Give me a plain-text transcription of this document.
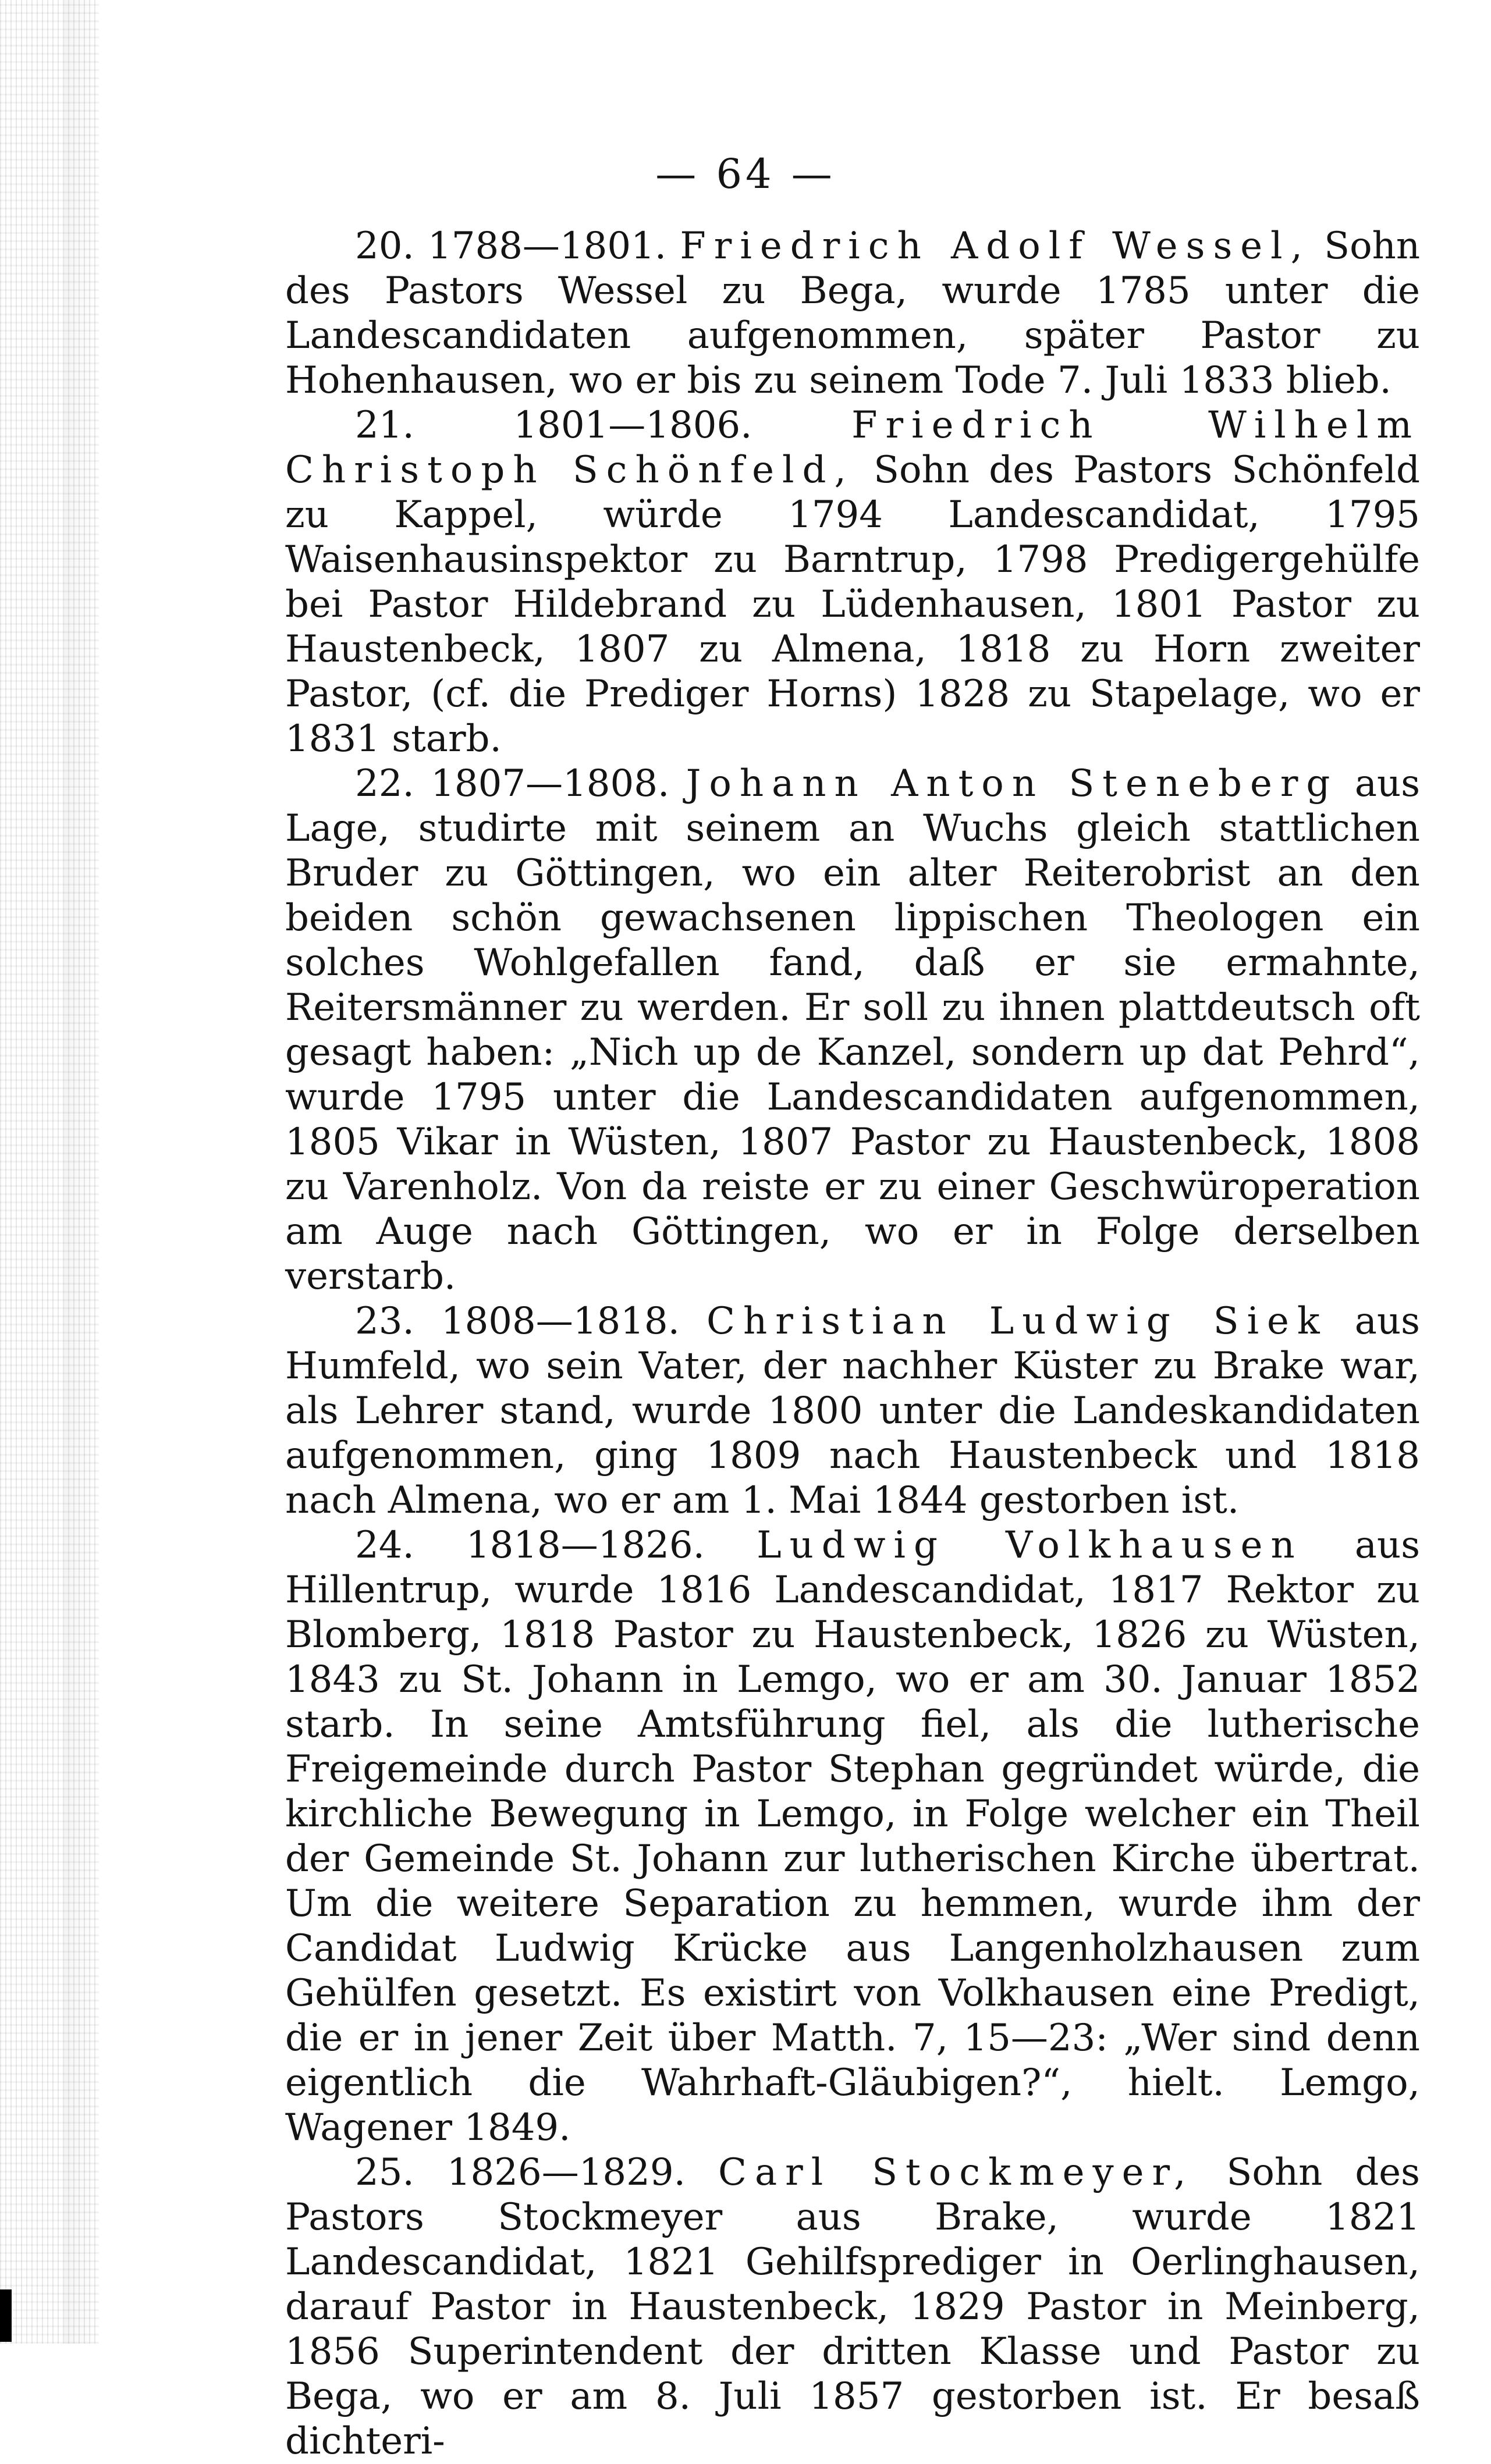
— 64 —

20. 1788—1801. Friedrich Adolf Wessel, Sohn des Pastors Wessel zu Bega, wurde 1785 unter die Landescandidaten aufgenommen, später Pastor zu Hohenhausen, wo er bis zu seinem Tode 7. Juli 1833 blieb.

21.	1801—1806.	Friedrich Wilhelm Christoph Schönfeld, Sohn des Pastors Schönfeld zu Kappel, würde 1794 Landescandidat, 1795 Waisenhausinspektor zu Barntrup, 1798 Predigergehülfe bei Pastor Hildebrand zu Lüdenhausen, 1801 Pastor zu Haustenbeck, 1807 zu Almena, 1818 zu Horn zweiter Pastor, (cf. die Prediger Horns) 1828 zu Stapelage, wo er 1831 starb.

22. 1807—1808. Johann Anton Steneberg aus Lage, studirte mit seinem an Wuchs gleich stattlichen Bruder zu Göttingen, wo ein alter Reiterobrist an den beiden schön gewachsenen lippischen Theologen ein solches Wohlgefallen fand, daß er sie ermahnte, Reitersmänner zu werden. Er soll zu ihnen plattdeutsch oft gesagt haben: „Nich up de Kanzel, sondern up dat Pehrd“, wurde 1795 unter die Landescandidaten aufgenommen, 1805 Vikar in Wüsten, 1807 Pastor zu Haustenbeck, 1808 zu Varenholz. Von da reiste er zu einer Geschwüroperation am Auge nach Göttingen, wo er in Folge derselben verstarb.

23. 1808—1818. Christian Ludwig Siek aus Humfeld, wo sein Vater, der nachher Küster zu Brake war, als Lehrer stand, wurde 1800 unter die Landeskandidaten aufgenommen, ging 1809 nach Haustenbeck und 1818 nach Almena, wo er am 1. Mai 1844 gestorben ist.

24. 1818—1826. Ludwig Volkhausen aus Hillentrup, wurde 1816 Landescandidat, 1817 Rektor zu Blomberg, 1818 Pastor zu Haustenbeck, 1826 zu Wüsten, 1843 zu St. Johann in Lemgo, wo er am 30. Januar 1852 starb. In seine Amtsführung fiel, als die lutherische Freigemeinde durch Pastor Stephan gegründet würde, die kirchliche Bewegung in Lemgo, in Folge welcher ein Theil der Gemeinde St. Johann zur lutherischen Kirche übertrat. Um die weitere Separation zu hemmen, wurde ihm der Candidat Ludwig Krücke aus Langenholzhausen zum Gehülfen gesetzt. Es existirt von Volkhausen eine Predigt, die er in jener Zeit über Matth. 7, 15—23: „Wer sind denn eigentlich die Wahrhaft-Gläubigen?“, hielt. Lemgo, Wagener 1849.

25. 1826—1829. Carl Stockmeyer, Sohn des Pastors Stockmeyer aus Brake, wurde 1821 Landescandidat, 1821 Gehilfsprediger in Oerlinghausen, darauf Pastor in Haustenbeck, 1829 Pastor in Meinberg, 1856 Superintendent der dritten Klasse und Pastor zu Bega, wo er am 8. Juli 1857 gestorben ist. Er besaß dichteri-
